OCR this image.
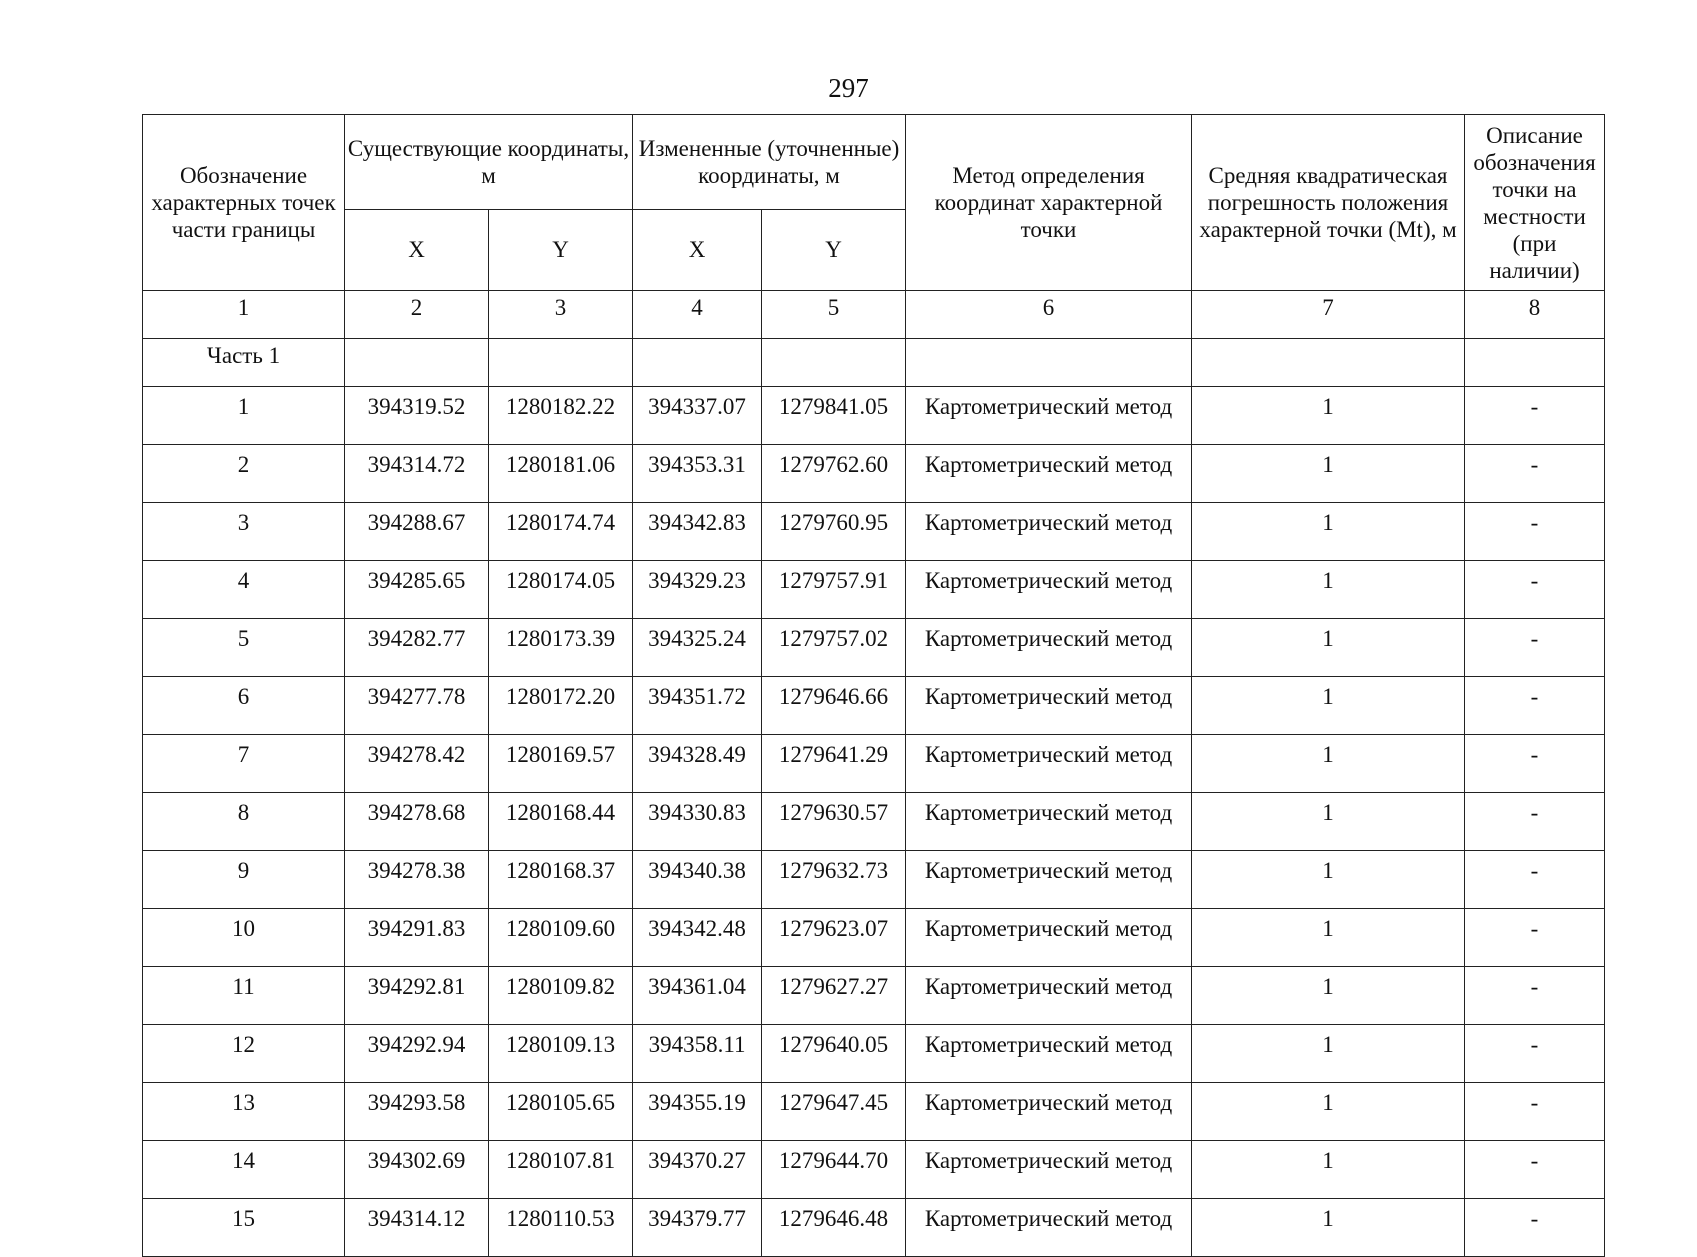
297
Обозначение характерных точек части границы	Существующие координаты, м		Измененные (уточненные) координаты, м		Метод определения координат характерной точки	Средняя квадратическая погрешность положения характерной точки (Mt), м	Описание обозначения точки на местности (при наличии)
	X	Y	X	Y			
1	2	3	4	5	6	7	8
Часть 1							
1	394319.52	1280182.22	394337.07	1279841.05	Картометрический метод	1	-
2	394314.72	1280181.06	394353.31	1279762.60	Картометрический метод	1	-
3	394288.67	1280174.74	394342.83	1279760.95	Картометрический метод	1	-
4	394285.65	1280174.05	394329.23	1279757.91	Картометрический метод	1	-
5	394282.77	1280173.39	394325.24	1279757.02	Картометрический метод	1	-
6	394277.78	1280172.20	394351.72	1279646.66	Картометрический метод	1	-
7	394278.42	1280169.57	394328.49	1279641.29	Картометрический метод	1	-
8	394278.68	1280168.44	394330.83	1279630.57	Картометрический метод	1	-
9	394278.38	1280168.37	394340.38	1279632.73	Картометрический метод	1	-
10	394291.83	1280109.60	394342.48	1279623.07	Картометрический метод	1	-
11	394292.81	1280109.82	394361.04	1279627.27	Картометрический метод	1	-
12	394292.94	1280109.13	394358.11	1279640.05	Картометрический метод	1	-
13	394293.58	1280105.65	394355.19	1279647.45	Картометрический метод	1	-
14	394302.69	1280107.81	394370.27	1279644.70	Картометрический метод	1	-
15	394314.12	1280110.53	394379.77	1279646.48	Картометрический метод	1	-
